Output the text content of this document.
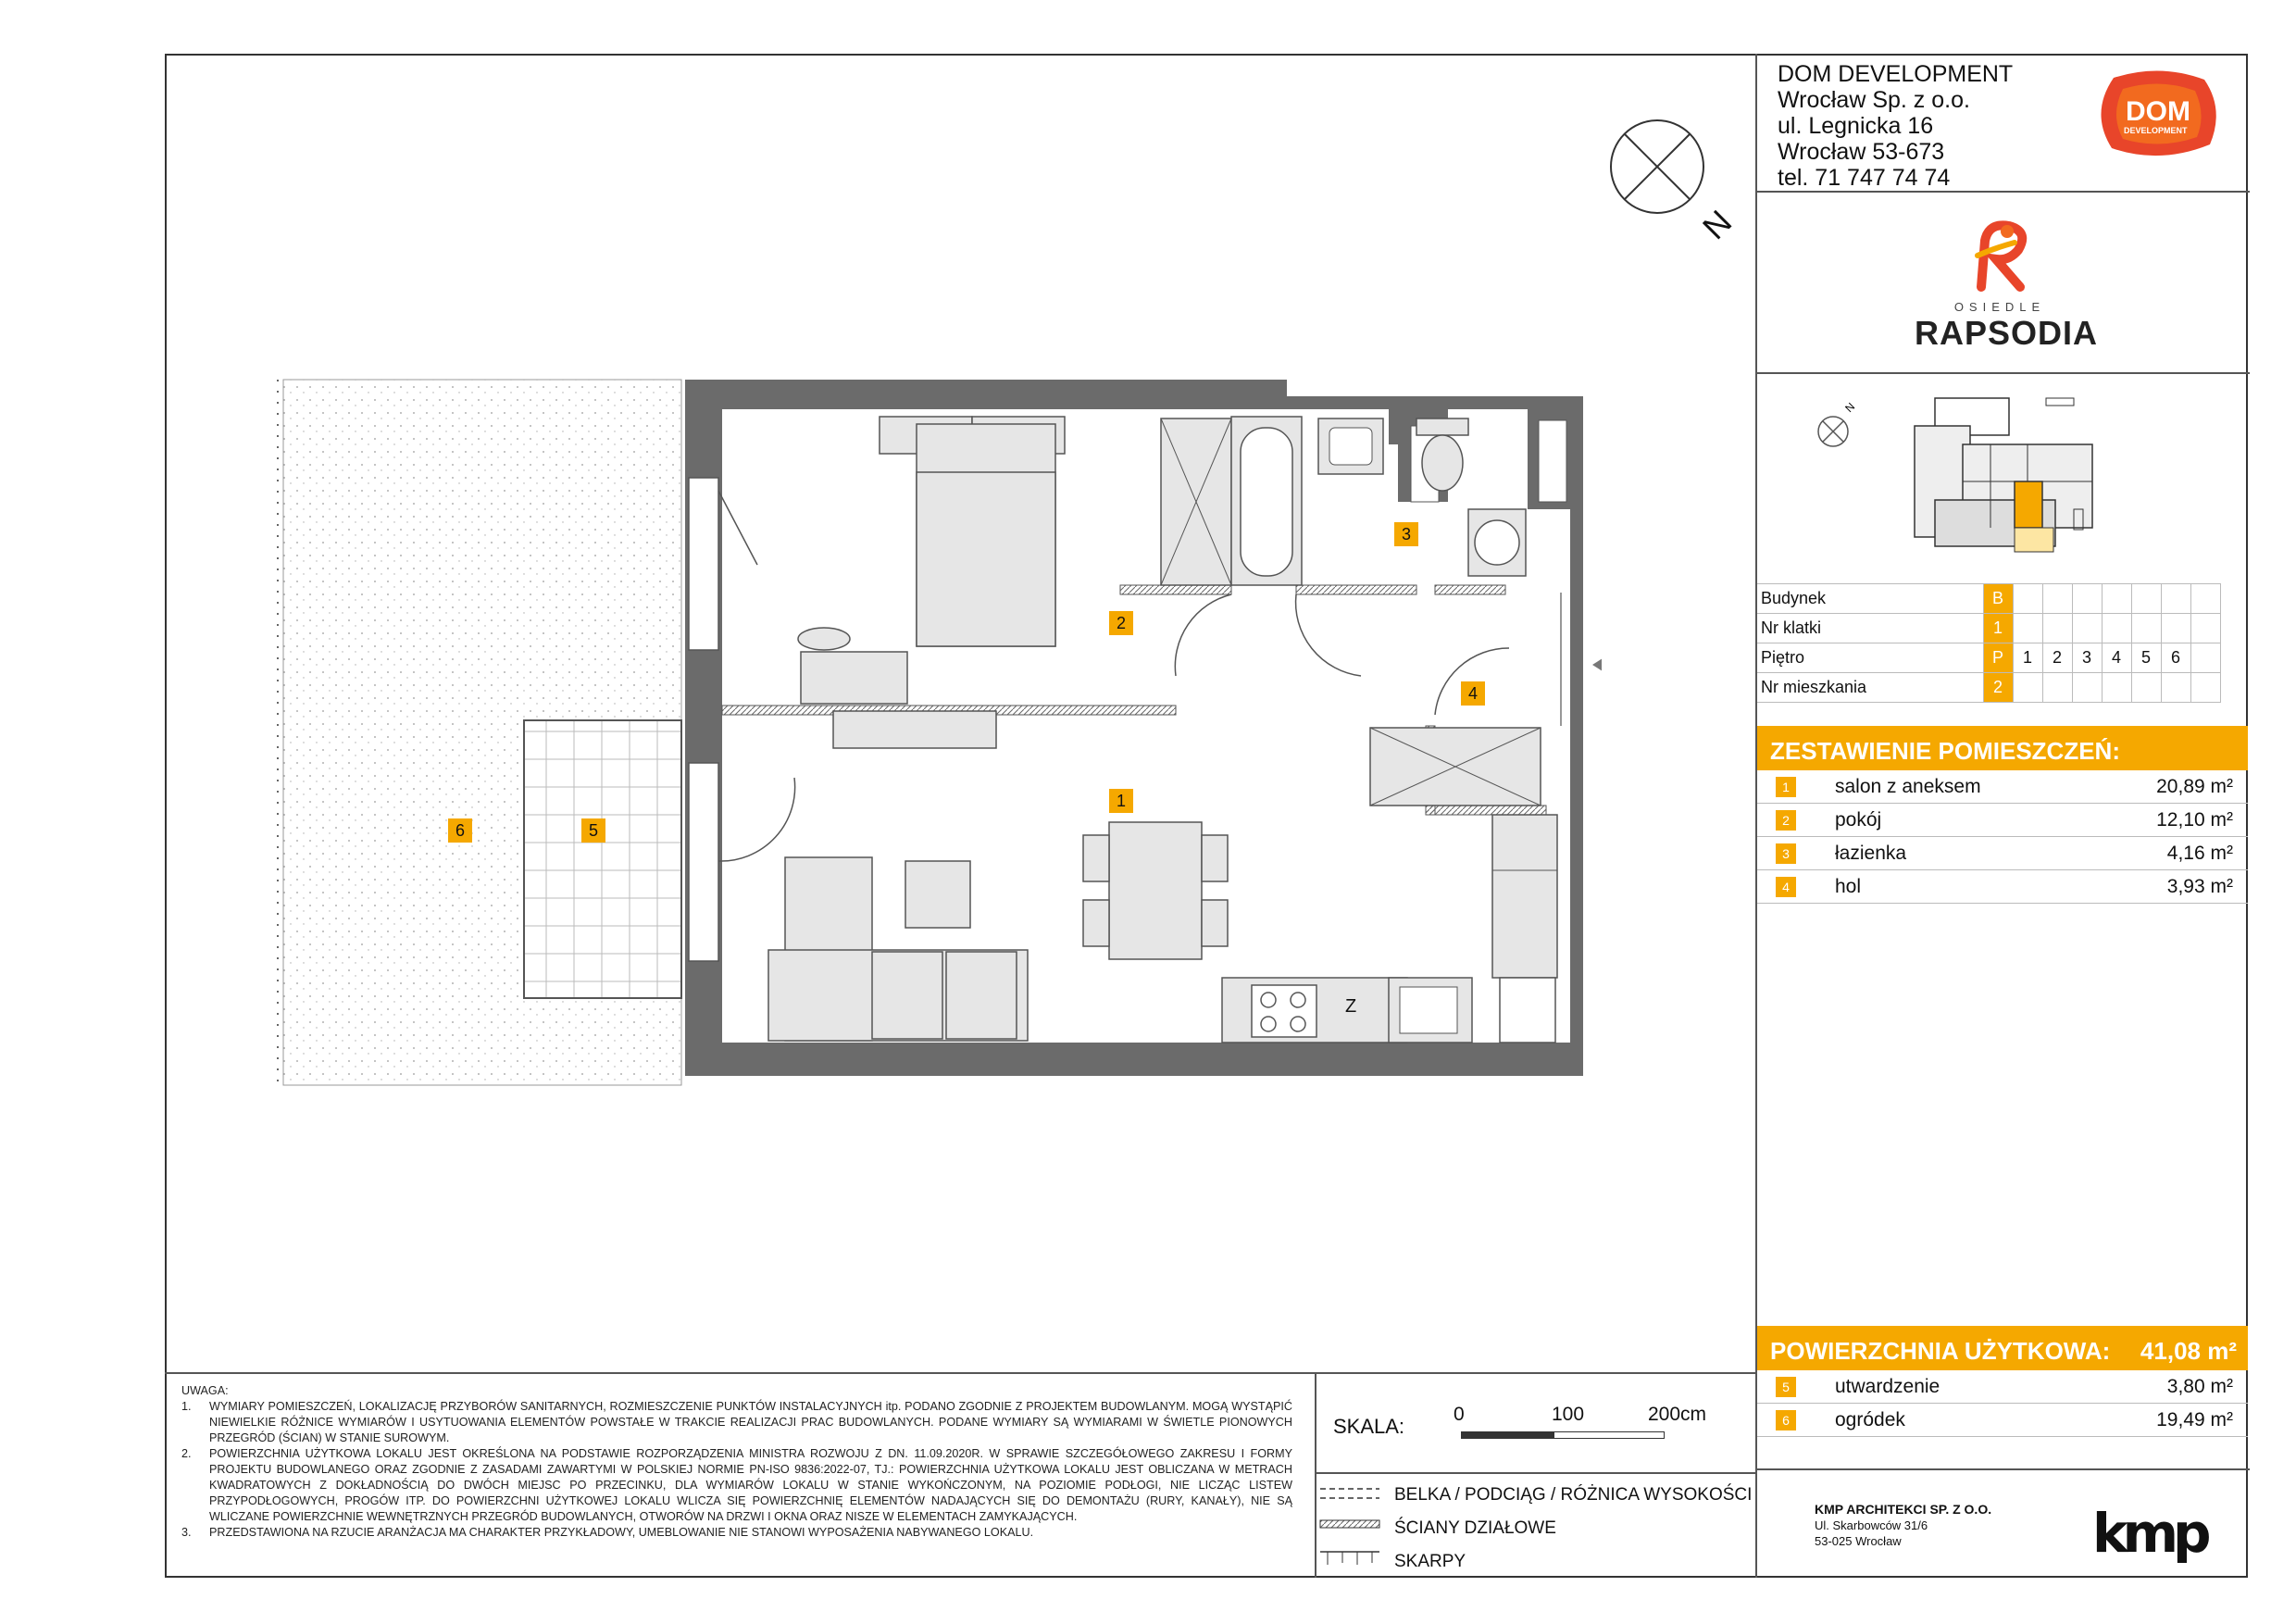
DOM DEVELOPMENT
Wrocław Sp. z o.o.
ul. Legnicka 16
Wrocław 53-673
tel. 71 747 74 74
DOM
DEVELOPMENT
OSIEDLE
RAPSODIA
N
N
Budynek	B							
Nr klatki	1							
Piętro	P	1	2	3	4	5	6	
Nr mieszkania	2							
ZESTAWIENIE POMIESZCZEŃ:
1	salon z aneksem	20,89 m²
2	pokój	12,10 m²
3	łazienka	4,16 m²
4	hol	3,93 m²
POWIERZCHNIA UŻYTKOWA: 41,08 m²
5	utwardzenie	3,80 m²
6	ogródek	19,49 m²
Z
1
2
3
4
5
6
UWAGA:
1.	WYMIARY POMIESZCZEŃ, LOKALIZACJĘ PRZYBORÓW SANITARNYCH, ROZMIESZCZENIE PUNKTÓW INSTALACYJNYCH itp. PODANO ZGODNIE Z PROJEKTEM BUDOWLANYM. MOGĄ WYSTĄPIĆ NIEWIELKIE RÓŻNICE WYMIARÓW I USYTUOWANIA ELEMENTÓW POWSTAŁE W TRAKCIE REALIZACJI PRAC BUDOWLANYCH. PODANE WYMIARY SĄ WYMIARAMI W ŚWIETLE PIONOWYCH PRZEGRÓD (ŚCIAN) W STANIE SUROWYM.
2.	POWIERZCHNIA UŻYTKOWA LOKALU JEST OKREŚLONA NA PODSTAWIE ROZPORZĄDZENIA MINISTRA ROZWOJU Z DN. 11.09.2020R. W SPRAWIE SZCZEGÓŁOWEGO ZAKRESU I FORMY PROJEKTU BUDOWLANEGO ORAZ ZGODNIE Z ZASADAMI ZAWARTYMI W POLSKIEJ NORMIE PN-ISO 9836:2022-07, TJ.: POWIERZCHNIA UŻYTKOWA LOKALU JEST OBLICZANA W METRACH KWADRATOWYCH Z DOKŁADNOŚCIĄ DO DWÓCH MIEJSC PO PRZECINKU, DLA WYMIARÓW LOKALU W STANIE WYKOŃCZONYM, NA POZIOMIE PODŁOGI, NIE LICZĄC LISTEW PRZYPODŁOGOWYCH, PROGÓW ITP. DO POWIERZCHNI UŻYTKOWEJ LOKALU WLICZA SIĘ POWIERZCHNIĘ ELEMENTÓW NADAJĄCYCH SIĘ DO DEMONTAŻU (RURY, KANAŁY), NIE SĄ WLICZANE POWIERZCHNIE WEWNĘTRZNYCH PRZEGRÓD BUDOWLANYCH, OTWORÓW NA DRZWI I OKNA ORAZ NISZE W ELEMENTACH ZAMYKAJĄCYCH.
3.	PRZEDSTAWIONA NA RZUCIE ARANŻACJA MA CHARAKTER PRZYKŁADOWY, UMEBLOWANIE NIE STANOWI WYPOSAŻENIA NABYWANEGO LOKALU.
SKALA:
0	100	200cm
BELKA / PODCIĄG / RÓŻNICA WYSOKOŚCI
ŚCIANY DZIAŁOWE
SKARPY
KMP ARCHITEKCI SP. Z O.O.
Ul. Skarbowców 31/6
53-025 Wrocław	kmp
